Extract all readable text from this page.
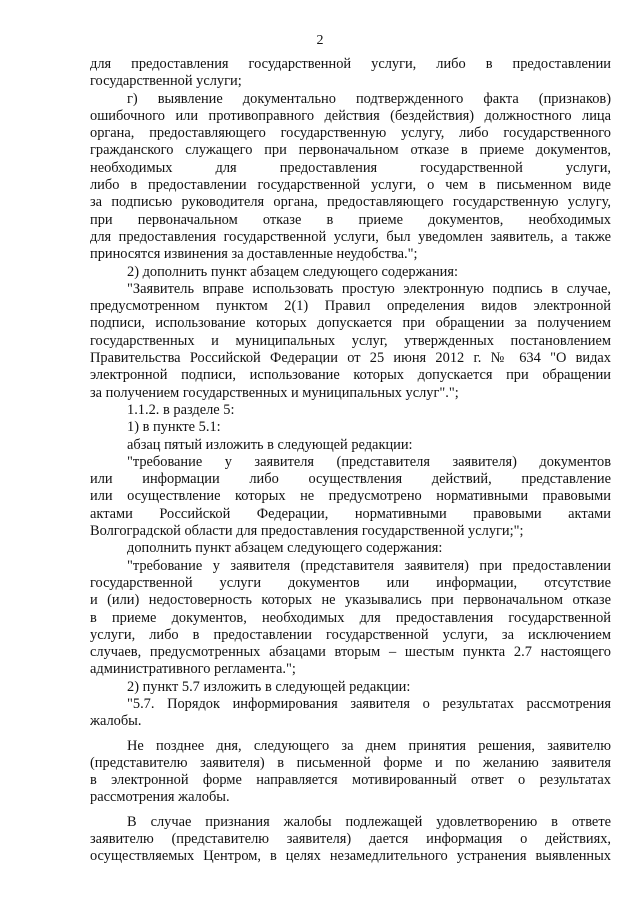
2
для предоставления государственной услуги, либо в предоставлении
государственной услуги;
г) выявление документально подтвержденного факта (признаков)
ошибочного или противоправного действия (бездействия) должностного лица
органа, предоставляющего государственную услугу, либо государственного
гражданского служащего при первоначальном отказе в приеме документов,
необходимых для предоставления государственной услуги,
либо в предоставлении государственной услуги, о чем в письменном виде
за подписью руководителя органа, предоставляющего государственную услугу,
при первоначальном отказе в приеме документов, необходимых
для предоставления государственной услуги, был уведомлен заявитель, а также
приносятся извинения за доставленные неудобства.";
2) дополнить пункт абзацем следующего содержания:
"Заявитель вправе использовать простую электронную подпись в случае,
предусмотренном пунктом 2(1) Правил определения видов электронной
подписи, использование которых допускается при обращении за получением
государственных и муниципальных услуг, утвержденных постановлением
Правительства Российской Федерации от 25 июня 2012 г. № 634 "О видах
электронной подписи, использование которых допускается при обращении
за получением государственных и муниципальных услуг".";
1.1.2. в разделе 5:
1) в пункте 5.1:
абзац пятый изложить в следующей редакции:
"требование у заявителя (представителя заявителя) документов
или информации либо осуществления действий, представление
или осуществление которых не предусмотрено нормативными правовыми
актами Российской Федерации, нормативными правовыми актами
Волгоградской области для предоставления государственной услуги;";
дополнить пункт абзацем следующего содержания:
"требование у заявителя (представителя заявителя) при предоставлении
государственной услуги документов или информации, отсутствие
и (или) недостоверность которых не указывались при первоначальном отказе
в приеме документов, необходимых для предоставления государственной
услуги, либо в предоставлении государственной услуги, за исключением
случаев, предусмотренных абзацами вторым – шестым пункта 2.7 настоящего
административного регламента.";
2) пункт 5.7 изложить в следующей редакции:
"5.7. Порядок информирования заявителя о результатах рассмотрения
жалобы.
Не позднее дня, следующего за днем принятия решения, заявителю
(представителю заявителя) в письменной форме и по желанию заявителя
в электронной форме направляется мотивированный ответ о результатах
рассмотрения жалобы.
В случае признания жалобы подлежащей удовлетворению в ответе
заявителю (представителю заявителя) дается информация о действиях,
осуществляемых Центром, в целях незамедлительного устранения выявленных
